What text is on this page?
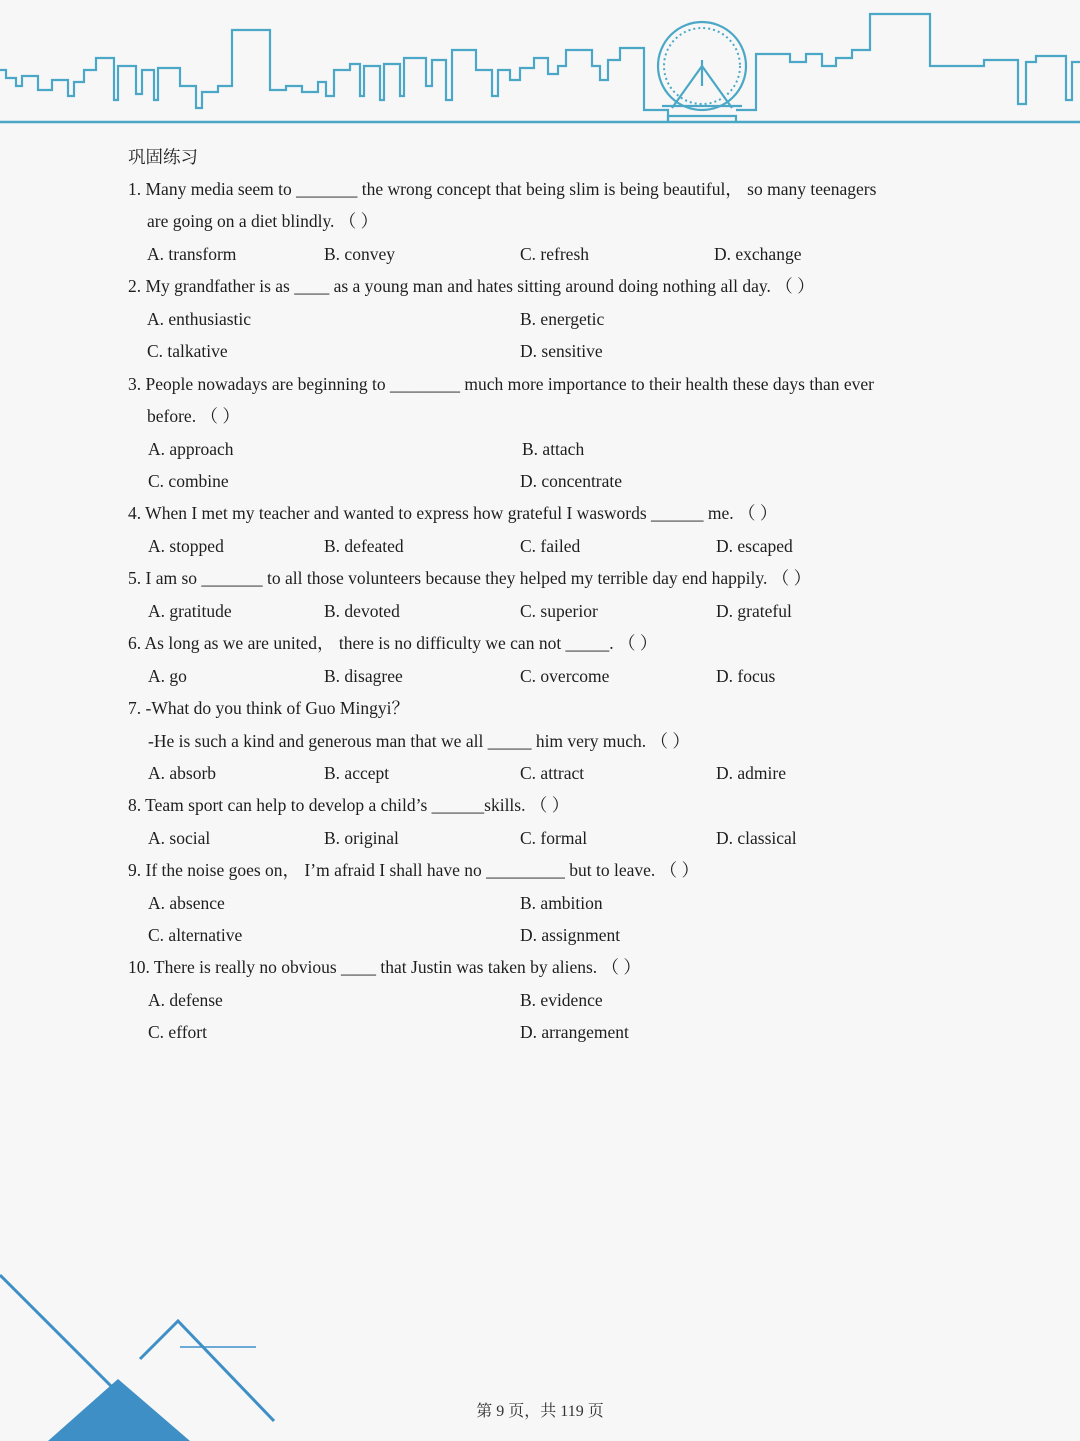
巩固练习
1. Many media seem to _______ the wrong concept that being slim is being beautiful， so many teenagers
are going on a diet blindly. （ ）
A. transform	B. convey	C. refresh	D. exchange
2. My grandfather is as ____ as a young man and hates sitting around doing nothing all day. （ ）
A. enthusiastic	B. energetic
C. talkative	D. sensitive
3. People nowadays are beginning to ________ much more importance to their health these days than ever
before. （ ）
A. approach	B. attach
C. combine	D. concentrate
4. When I met my teacher and wanted to express how grateful I waswords ______ me. （ ）
A. stopped	B. defeated	C. failed	D. escaped
5. I am so _______ to all those volunteers because they helped my terrible day end happily. （ ）
A. gratitude	B. devoted	C. superior	D. grateful
6. As long as we are united， there is no difficulty we can not _____. （ ）
A. go	B. disagree	C. overcome	D. focus
7. -What do you think of Guo Mingyi？
-He is such a kind and generous man that we all _____ him very much. （ ）
A. absorb	B. accept	C. attract	D. admire
8. Team sport can help to develop a child’s ______skills. （ ）
A. social	B. original	C. formal	D. classical
9. If the noise goes on， I’m afraid I shall have no _________ but to leave. （ ）
A. absence	B. ambition
C. alternative	D. assignment
10. There is really no obvious ____ that Justin was taken by aliens. （ ）
A. defense	B. evidence
C. effort	D. arrangement
第 9 页，共 119 页
